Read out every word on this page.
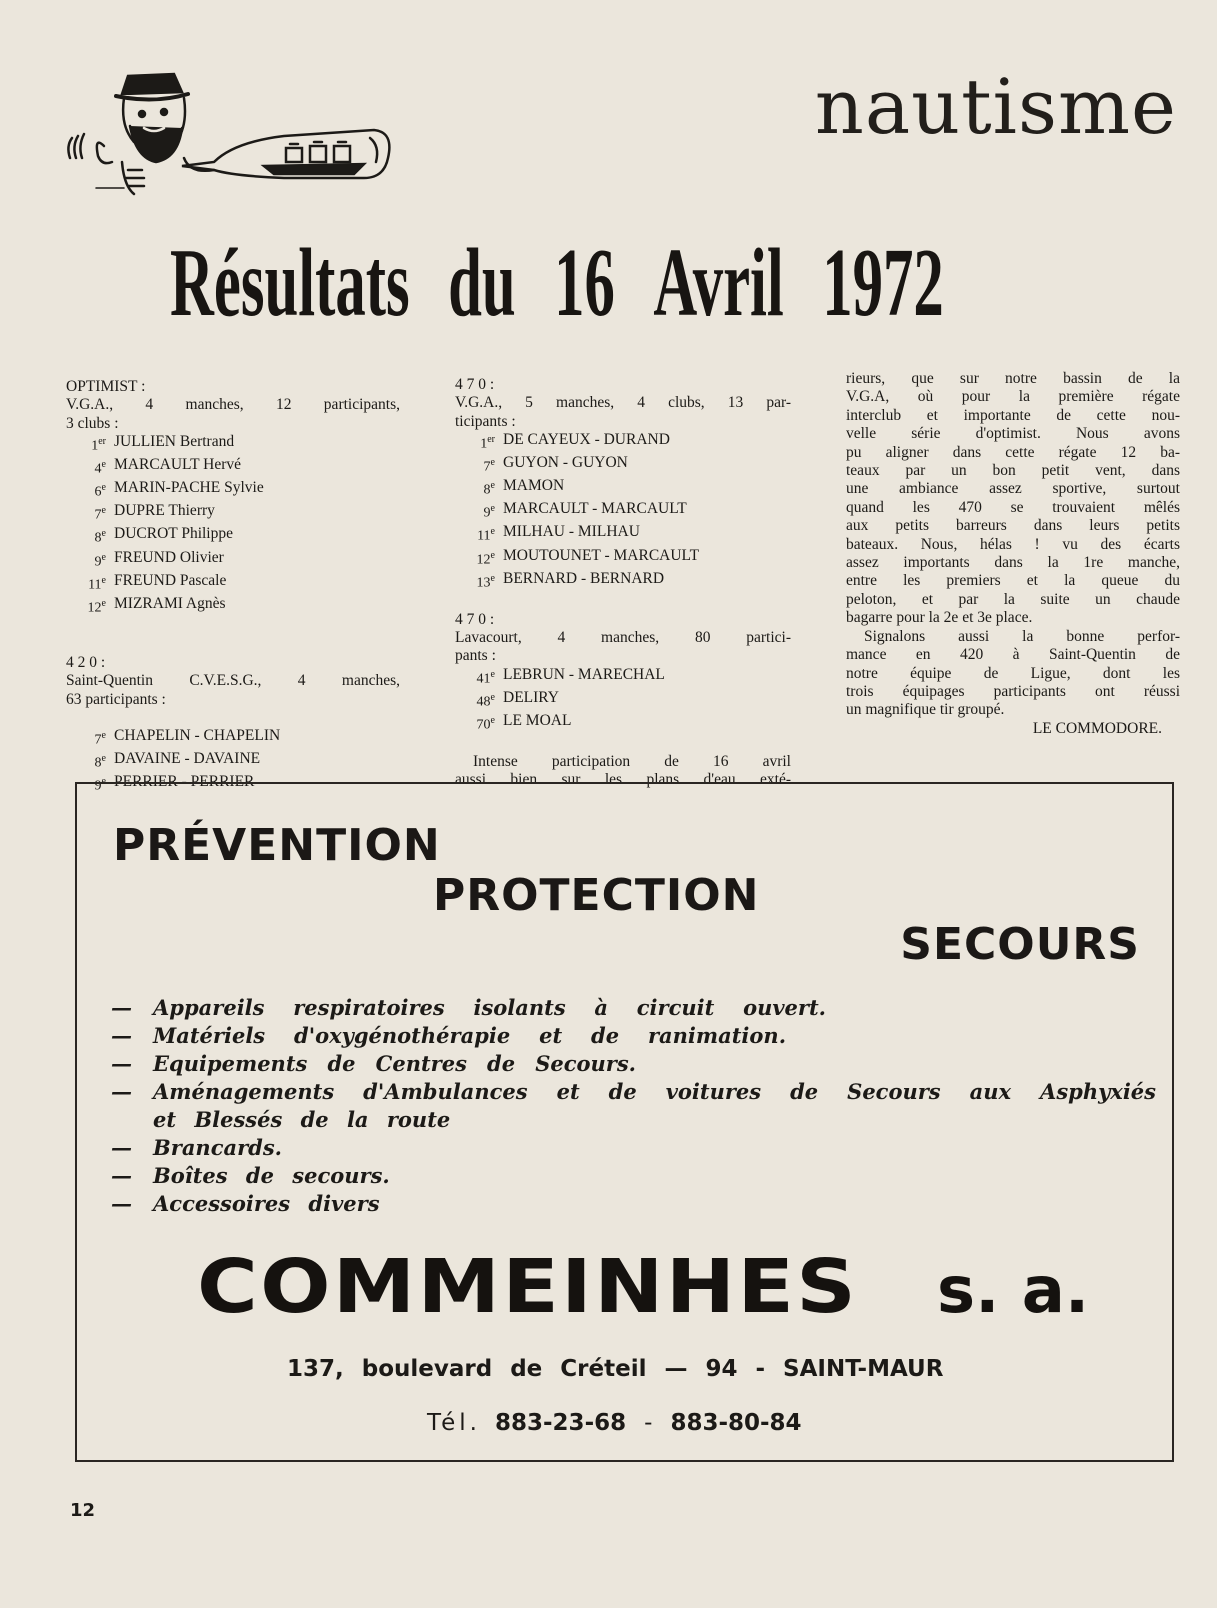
nautisme
Résultats du 16 Avril 1972

OPTIMIST :

V.G.A., 4 manches, 12 participants,

3 clubs :

1er JULLIEN Bertrand
4e MARCAULT Hervé
6e MARIN-PACHE Sylvie
7e DUPRE Thierry
8e DUCROT Philippe
9e FREUND Olivier
11e FREUND Pascale
12e MIZRAMI Agnès

4 2 0 :

Saint-Quentin C.V.E.S.G., 4 manches,

63 participants :

7e CHAPELIN - CHAPELIN
8e DAVAINE - DAVAINE
9e PERRIER - PERRIER

4 7 0 :

V.G.A., 5 manches, 4 clubs, 13 par-

ticipants :

1er DE CAYEUX - DURAND
7e GUYON - GUYON
8e MAMON
9e MARCAULT - MARCAULT
11e MILHAU - MILHAU
12e MOUTOUNET - MARCAULT
13e BERNARD - BERNARD

4 7 0 :

Lavacourt, 4 manches, 80 partici-

pants :

41e LEBRUN - MARECHAL
48e DELIRY
70e LE MOAL

Intense participation de 16 avril

aussi bien sur les plans d'eau exté-

rieurs, que sur notre bassin de la

V.G.A, où pour la première régate

interclub et importante de cette nou-

velle série d'optimist. Nous avons

pu aligner dans cette régate 12 ba-

teaux par un bon petit vent, dans

une ambiance assez sportive, surtout

quand les 470 se trouvaient mêlés

aux petits barreurs dans leurs petits

bateaux. Nous, hélas ! vu des écarts

assez importants dans la 1re manche,

entre les premiers et la queue du

peloton, et par la suite un chaude

bagarre pour la 2e et 3e place.

Signalons aussi la bonne perfor-

mance en 420 à Saint-Quentin de

notre équipe de Ligue, dont les

trois équipages participants ont réussi

un magnifique tir groupé.

LE COMMODORE.

PRÉVENTION
PROTECTION
SECOURS
—	Appareils respiratoires isolants à circuit ouvert.
—	Matériels d'oxygénothérapie et de ranimation.
—	Equipements de Centres de Secours.
—	Aménagements d'Ambulances et de voitures de Secours aux Asphyxiés
et Blessés de la route
—	Brancards.
—	Boîtes de secours.
—	Accessoires divers
COMMEINHES s. a.
137, boulevard de Créteil — 94 - SAINT-MAUR
Tél. 883-23-68 - 883-80-84
12
